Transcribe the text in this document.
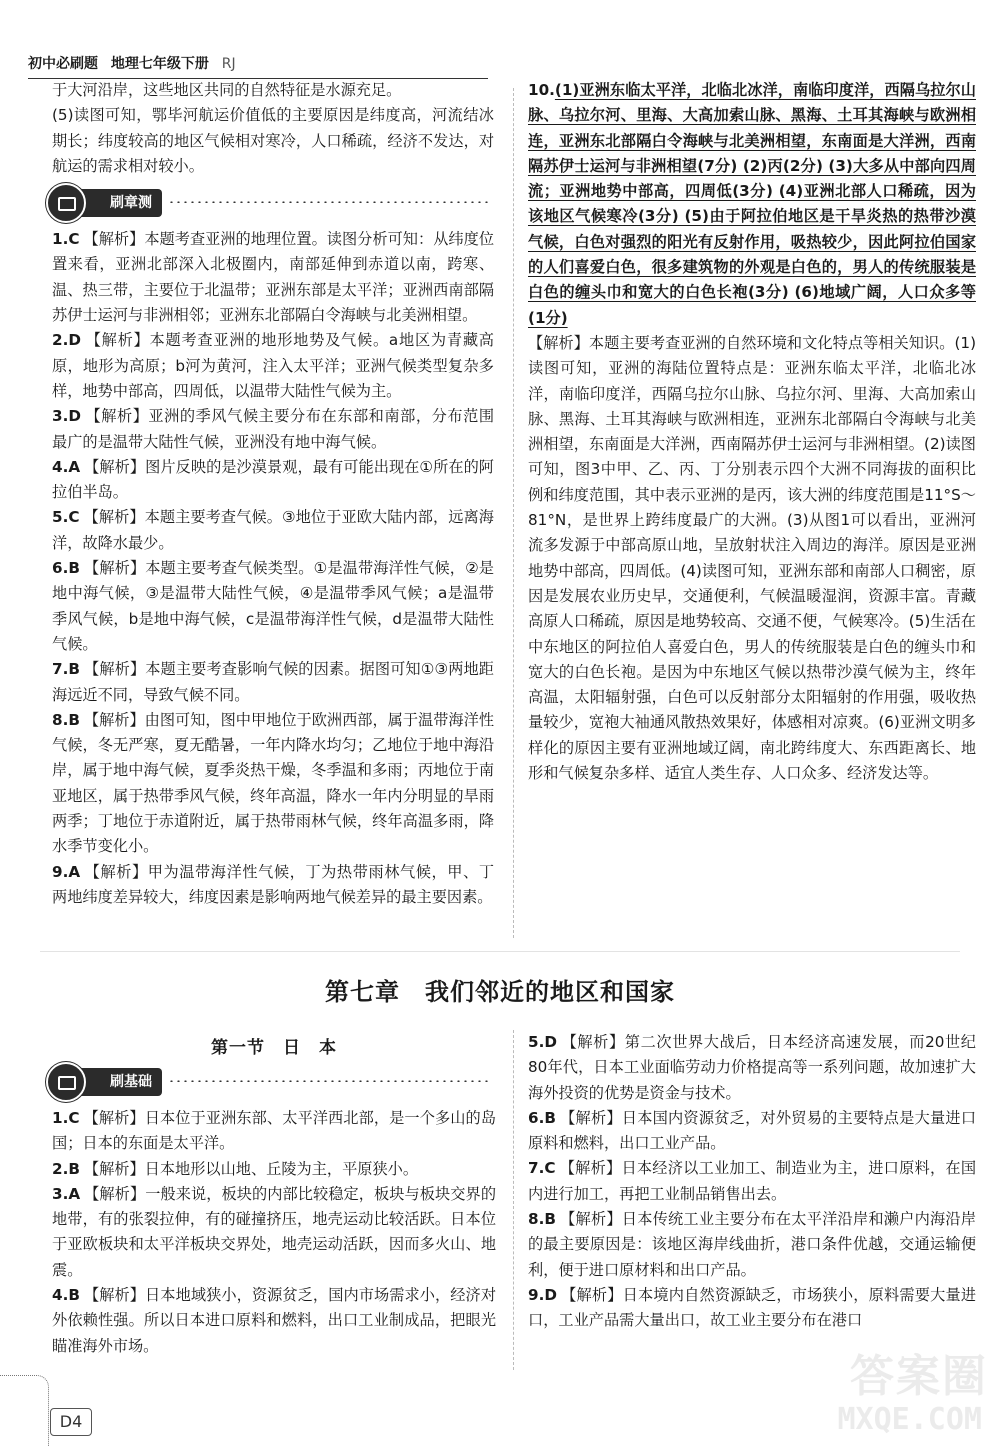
初中必刷题 地理七年级下册 RJ

于大河沿岸，这些地区共同的自然特征是水源充足。

(5)读图可知，鄂毕河航运价值低的主要原因是纬度高，河流结冰期长；纬度较高的地区气候相对寒冷，人口稀疏，经济不发达，对航运的需求相对较小。

刷章测

1.C 【解析】本题考查亚洲的地理位置。读图分析可知：从纬度位置来看，亚洲北部深入北极圈内，南部延伸到赤道以南，跨寒、温、热三带，主要位于北温带；亚洲东部是太平洋；亚洲西南部隔苏伊士运河与非洲相邻；亚洲东北部隔白令海峡与北美洲相望。

2.D 【解析】本题考查亚洲的地形地势及气候。a地区为青藏高原，地形为高原；b河为黄河，注入太平洋；亚洲气候类型复杂多样，地势中部高，四周低，以温带大陆性气候为主。

3.D 【解析】亚洲的季风气候主要分布在东部和南部，分布范围最广的是温带大陆性气候，亚洲没有地中海气候。

4.A 【解析】图片反映的是沙漠景观，最有可能出现在①所在的阿拉伯半岛。

5.C 【解析】本题主要考查气候。③地位于亚欧大陆内部，远离海洋，故降水最少。

6.B 【解析】本题主要考查气候类型。①是温带海洋性气候，②是地中海气候，③是温带大陆性气候，④是温带季风气候；a是温带季风气候，b是地中海气候，c是温带海洋性气候，d是温带大陆性气候。

7.B 【解析】本题主要考查影响气候的因素。据图可知①③两地距海远近不同，导致气候不同。

8.B 【解析】由图可知，图中甲地位于欧洲西部，属于温带海洋性气候，冬无严寒，夏无酷暑，一年内降水均匀；乙地位于地中海沿岸，属于地中海气候，夏季炎热干燥，冬季温和多雨；丙地位于南亚地区，属于热带季风气候，终年高温，降水一年内分明显的旱雨两季；丁地位于赤道附近，属于热带雨林气候，终年高温多雨，降水季节变化小。

9.A 【解析】甲为温带海洋性气候，丁为热带雨林气候，甲、丁两地纬度差异较大，纬度因素是影响两地气候差异的最主要因素。

10.(1)亚洲东临太平洋，北临北冰洋，南临印度洋，西隔乌拉尔山脉、乌拉尔河、里海、大高加索山脉、黑海、土耳其海峡与欧洲相连，亚洲东北部隔白令海峡与北美洲相望，东南面是大洋洲，西南隔苏伊士运河与非洲相望(7分) (2)丙(2分) (3)大多从中部向四周流；亚洲地势中部高，四周低(3分) (4)亚洲北部人口稀疏，因为该地区气候寒冷(3分) (5)由于阿拉伯地区是干旱炎热的热带沙漠气候，白色对强烈的阳光有反射作用，吸热较少，因此阿拉伯国家的人们喜爱白色，很多建筑物的外观是白色的，男人的传统服装是白色的缠头巾和宽大的白色长袍(3分) (6)地域广阔，人口众多等(1分)

【解析】本题主要考查亚洲的自然环境和文化特点等相关知识。(1)读图可知，亚洲的海陆位置特点是：亚洲东临太平洋，北临北冰洋，南临印度洋，西隔乌拉尔山脉、乌拉尔河、里海、大高加索山脉、黑海、土耳其海峡与欧洲相连，亚洲东北部隔白令海峡与北美洲相望，东南面是大洋洲，西南隔苏伊士运河与非洲相望。(2)读图可知，图3中甲、乙、丙、丁分别表示四个大洲不同海拔的面积比例和纬度范围，其中表示亚洲的是丙，该大洲的纬度范围是11°S～81°N，是世界上跨纬度最广的大洲。(3)从图1可以看出，亚洲河流多发源于中部高原山地，呈放射状注入周边的海洋。原因是亚洲地势中部高，四周低。(4)读图可知，亚洲东部和南部人口稠密，原因是发展农业历史早，交通便利，气候温暖湿润，资源丰富。青藏高原人口稀疏，原因是地势较高、交通不便，气候寒冷。(5)生活在中东地区的阿拉伯人喜爱白色，男人的传统服装是白色的缠头巾和宽大的白色长袍。是因为中东地区气候以热带沙漠气候为主，终年高温，太阳辐射强，白色可以反射部分太阳辐射的作用强，吸收热量较少，宽袍大袖通风散热效果好，体感相对凉爽。(6)亚洲文明多样化的原因主要有亚洲地域辽阔，南北跨纬度大、东西距离长、地形和气候复杂多样、适宜人类生存、人口众多、经济发达等。

第七章　我们邻近的地区和国家
第一节　日　本
刷基础

1.C 【解析】日本位于亚洲东部、太平洋西北部，是一个多山的岛国；日本的东面是太平洋。

2.B 【解析】日本地形以山地、丘陵为主，平原狭小。

3.A 【解析】一般来说，板块的内部比较稳定，板块与板块交界的地带，有的张裂拉伸，有的碰撞挤压，地壳运动比较活跃。日本位于亚欧板块和太平洋板块交界处，地壳运动活跃，因而多火山、地震。

4.B 【解析】日本地域狭小，资源贫乏，国内市场需求小，经济对外依赖性强。所以日本进口原料和燃料，出口工业制成品，把眼光瞄准海外市场。

5.D 【解析】第二次世界大战后，日本经济高速发展，而20世纪80年代，日本工业面临劳动力价格提高等一系列问题，故加速扩大海外投资的优势是资金与技术。

6.B 【解析】日本国内资源贫乏，对外贸易的主要特点是大量进口原料和燃料，出口工业产品。

7.C 【解析】日本经济以工业加工、制造业为主，进口原料，在国内进行加工，再把工业制品销售出去。

8.B 【解析】日本传统工业主要分布在太平洋沿岸和濑户内海沿岸的最主要原因是：该地区海岸线曲折，港口条件优越，交通运输便利，便于进口原材料和出口产品。

9.D 【解析】日本境内自然资源缺乏，市场狭小，原料需要大量进口，工业产品需大量出口，故工业主要分布在港口

D4
答案圈
MXQE.COM
